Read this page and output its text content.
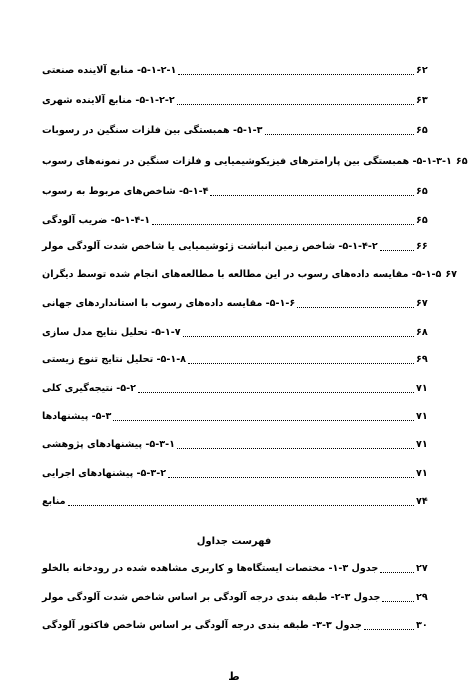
۵-۱-۲-۱- منابع آلاینده صنعتی	۶۲
۵-۱-۲-۲- منابع آلاینده شهری	۶۳
۵-۱-۳- همبستگی بین فلزات سنگین در رسوبات	۶۵
۵-۱-۳-۱- همبستگی بین پارامترهای فیزیکوشیمیایی و فلزات سنگین در نمونه‌های رسوب ۶۵
۵-۱-۴- شاخص‌های مربوط به رسوب	۶۵
۵-۱-۴-۱- ضریب آلودگی	۶۵
۵-۱-۴-۲- شاخص زمین انباشت ژئوشیمیایی یا شاخص شدت آلودگی مولر	۶۶
۵-۱-۵- مقایسه داده‌های رسوب در این مطالعه با مطالعه‌های انجام شده توسط دیگران ۶۷
۵-۱-۶- مقایسه داده‌های رسوب با استانداردهای جهانی	۶۷
۵-۱-۷- تحلیل نتایج مدل سازی	۶۸
۵-۱-۸- تحلیل نتایج تنوع زیستی	۶۹
۵-۲- نتیجه‌گیری کلی	۷۱
۵-۳- پیشنهادها	۷۱
۵-۳-۱- پیشنهادهای پژوهشی	۷۱
۵-۳-۲- پیشنهادهای اجرایی	۷۱
منابع	۷۴
فهرست جداول
جدول ۳-۱- مختصات ایستگاه‌ها و کاربری مشاهده شده در رودخانه بالخلو	۲۷
جدول ۳-۲- طبقه بندی درجه آلودگی بر اساس شاخص شدت آلودگی مولر	۲۹
جدول ۳-۳- طبقه بندی درجه آلودگی بر اساس شاخص فاکتور آلودگی	۳۰
ط
